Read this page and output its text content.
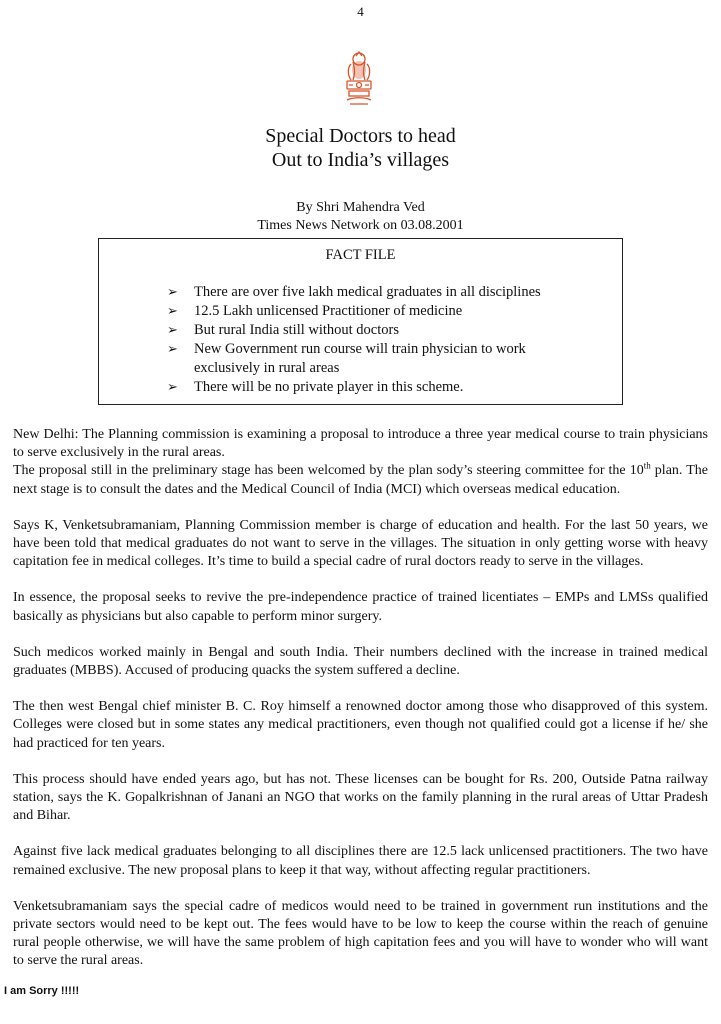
4
Special Doctors to head
Out to India’s villages
By Shri Mahendra Ved
Times News Network on 03.08.2001
FACT FILE
➢ There are over five lakh medical graduates in all disciplines
➢ 12.5 Lakh unlicensed Practitioner of medicine
➢ But rural India still without doctors
➢ New Government run course will train physician to work exclusively in rural areas
➢ There will be no private player in this scheme.

New Delhi: The Planning commission is examining a proposal to introduce a three year medical course to train physicians to serve exclusively in the rural areas.

The proposal still in the preliminary stage has been welcomed by the plan sody’s steering committee for the 10th plan. The next stage is to consult the dates and the Medical Council of India (MCI) which overseas medical education.

Says K, Venketsubramaniam, Planning Commission member is charge of education and health. For the last 50 years, we have been told that medical graduates do not want to serve in the villages. The situation in only getting worse with heavy capitation fee in medical colleges. It’s time to build a special cadre of rural doctors ready to serve in the villages.

In essence, the proposal seeks to revive the pre-independence practice of trained licentiates – EMPs and LMSs qualified basically as physicians but also capable to perform minor surgery.

Such medicos worked mainly in Bengal and south India. Their numbers declined with the increase in trained medical graduates (MBBS). Accused of producing quacks the system suffered a decline.

The then west Bengal chief minister B. C. Roy himself a renowned doctor among those who disapproved of this system. Colleges were closed but in some states any medical practitioners, even though not qualified could got a license if he/ she had practiced for ten years.

This process should have ended years ago, but has not. These licenses can be bought for Rs. 200, Outside Patna railway station, says the K. Gopalkrishnan of Janani an NGO that works on the family planning in the rural areas of Uttar Pradesh and Bihar.

Against five lack medical graduates belonging to all disciplines there are 12.5 lack unlicensed practitioners. The two have remained exclusive. The new proposal plans to keep it that way, without affecting regular practitioners.

Venketsubramaniam says the special cadre of medicos would need to be trained in government run institutions and the private sectors would need to be kept out. The fees would have to be low to keep the course within the reach of genuine rural people otherwise, we will have the same problem of high capitation fees and you will have to wonder who will want to serve the rural areas.

I am Sorry !!!!!
